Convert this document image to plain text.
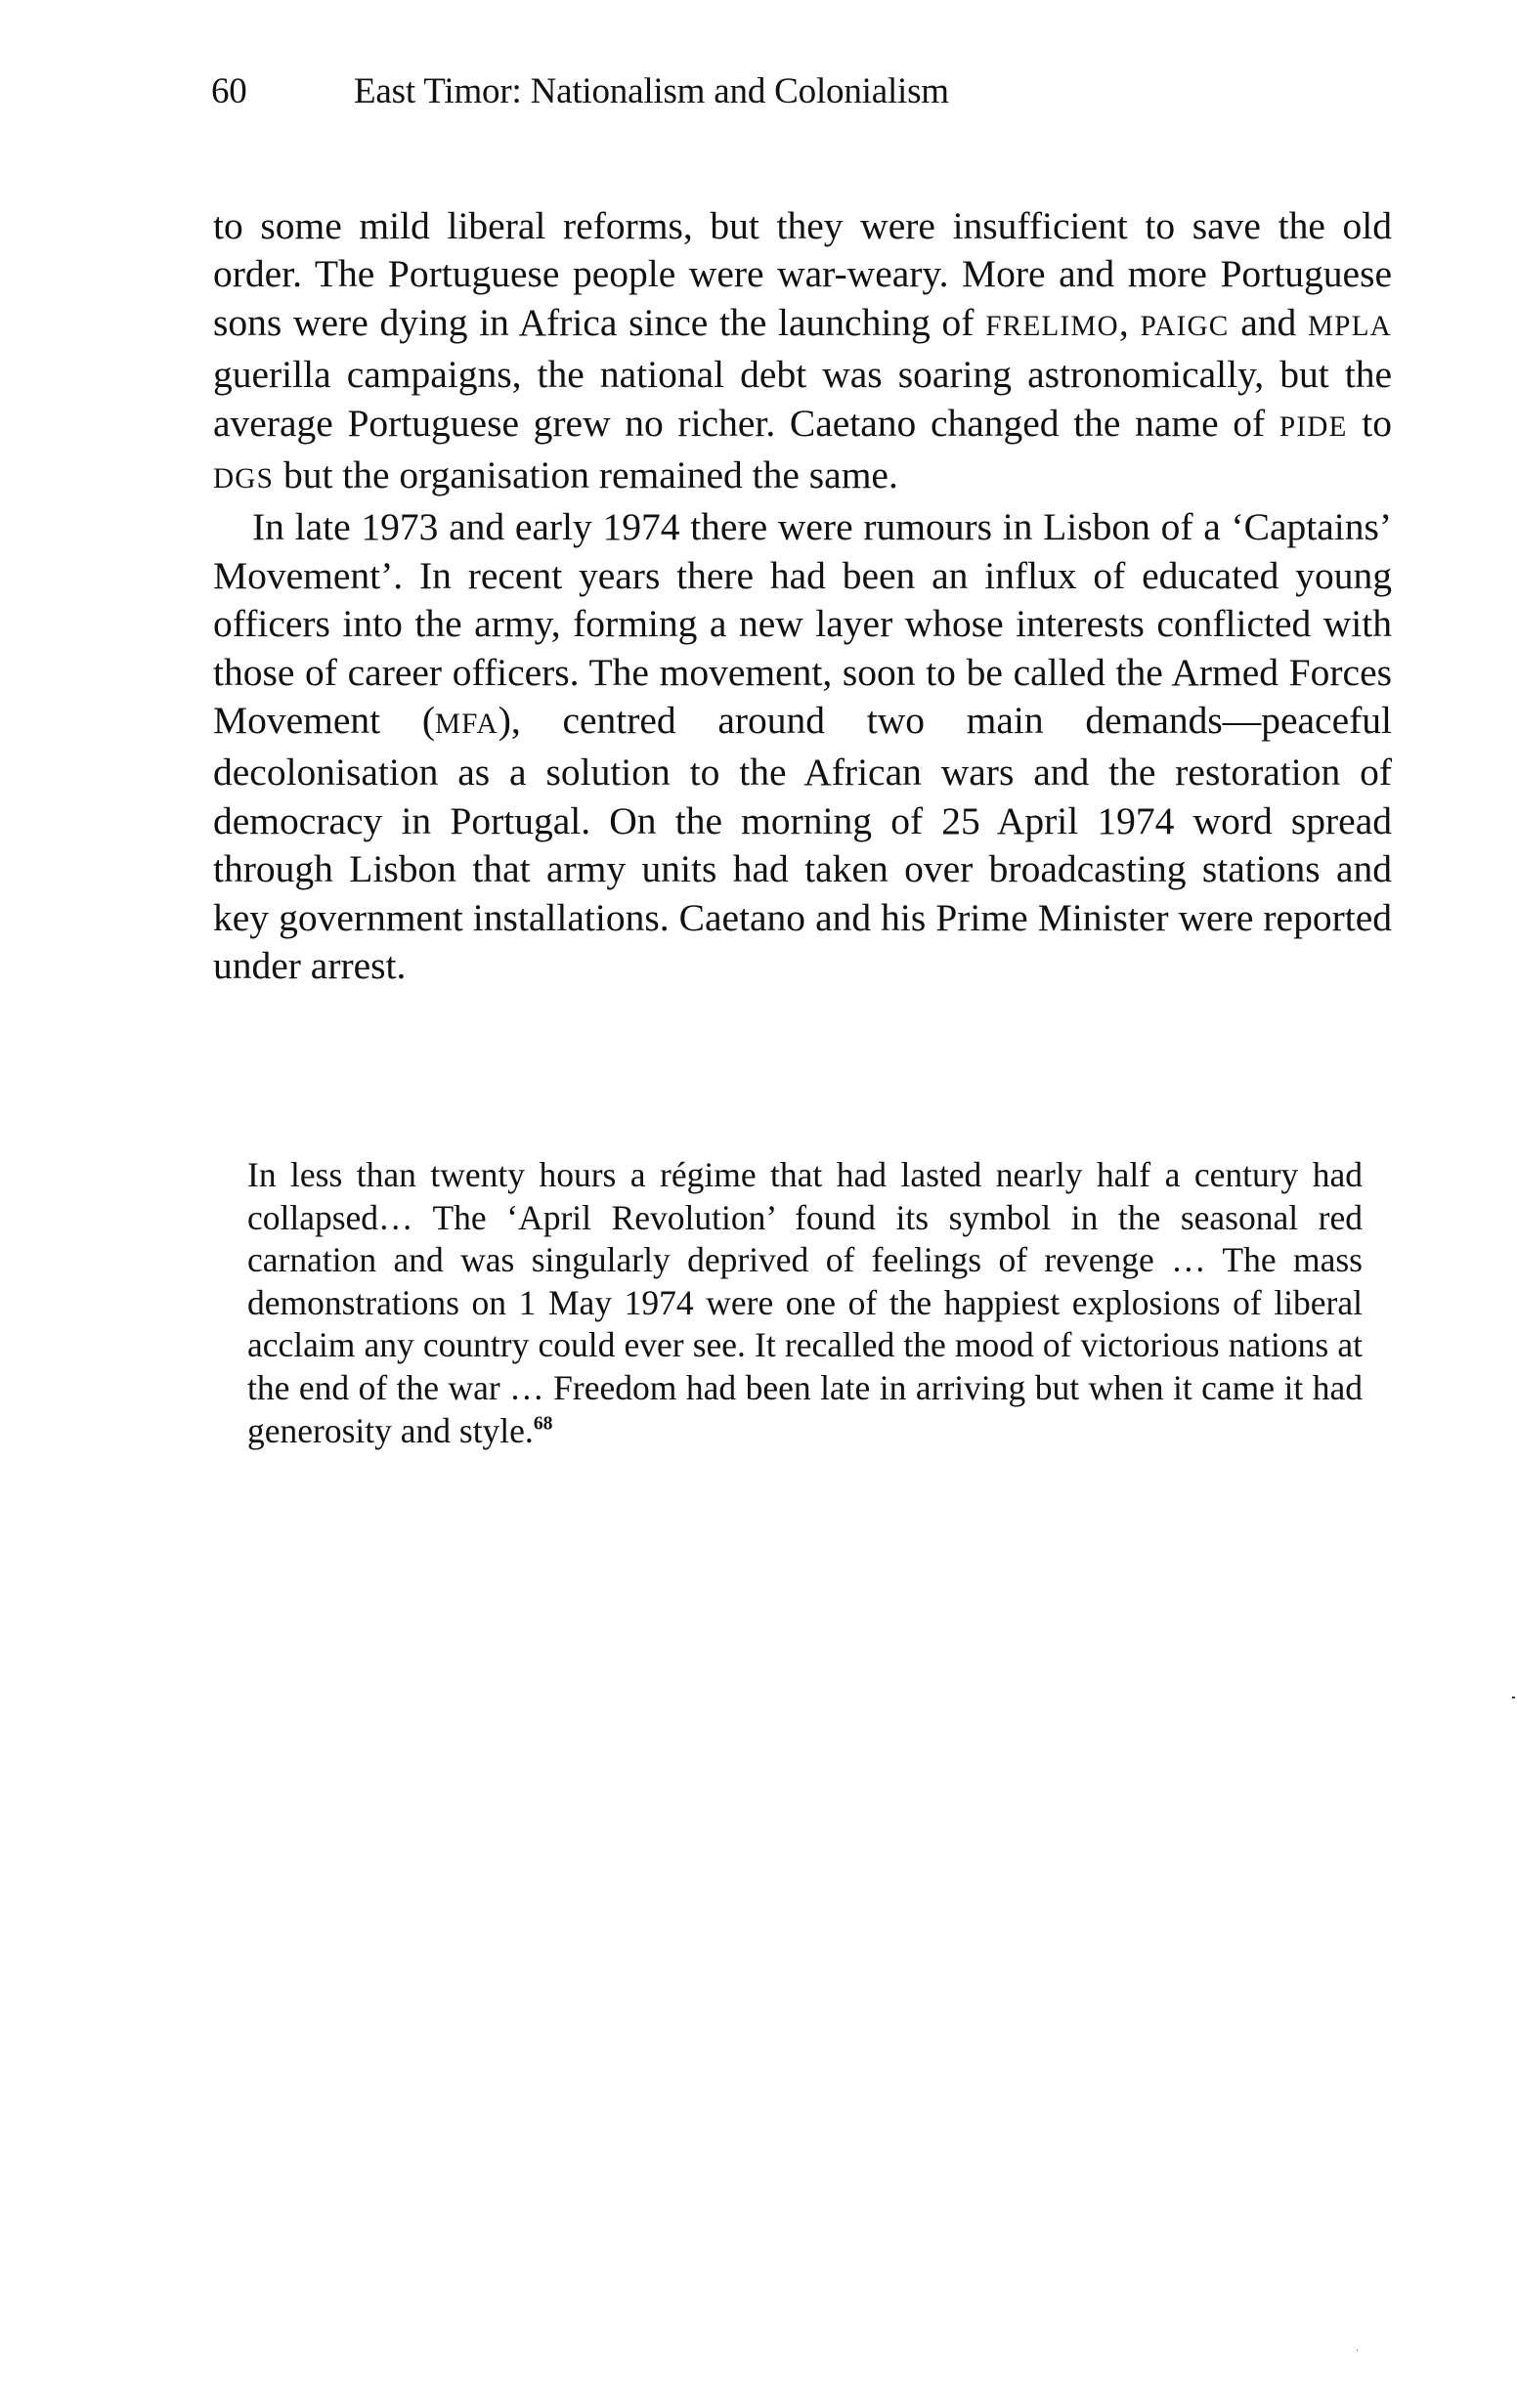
60	East Timor: Nationalism and Colonialism

to some mild liberal reforms, but they were insufficient to save the old order. The Portuguese people were war-weary. More and more Portuguese sons were dying in Africa since the launching of FRELIMO, PAIGC and MPLA guerilla campaigns, the national debt was soaring astronomically, but the average Portuguese grew no richer. Caetano changed the name of PIDE to DGS but the organisation remained the same.

In late 1973 and early 1974 there were rumours in Lisbon of a ‘Captains’ Movement’. In recent years there had been an influx of educated young officers into the army, forming a new layer whose interests conflicted with those of career officers. The movement, soon to be called the Armed Forces Movement (MFA), centred around two main demands—peaceful decolonisation as a solution to the African wars and the restoration of democracy in Portugal. On the morning of 25 April 1974 word spread through Lisbon that army units had taken over broadcasting stations and key government installations. Caetano and his Prime Minister were reported under arrest.

In less than twenty hours a régime that had lasted nearly half a century had collapsed… The ‘April Revolution’ found its symbol in the seasonal red carnation and was singularly deprived of feelings of revenge … The mass demonstrations on 1 May 1974 were one of the happiest explosions of liberal acclaim any country could ever see. It recalled the mood of victorious nations at the end of the war … Freedom had been late in arriving but when it came it had generosity and style.$^{68}$
